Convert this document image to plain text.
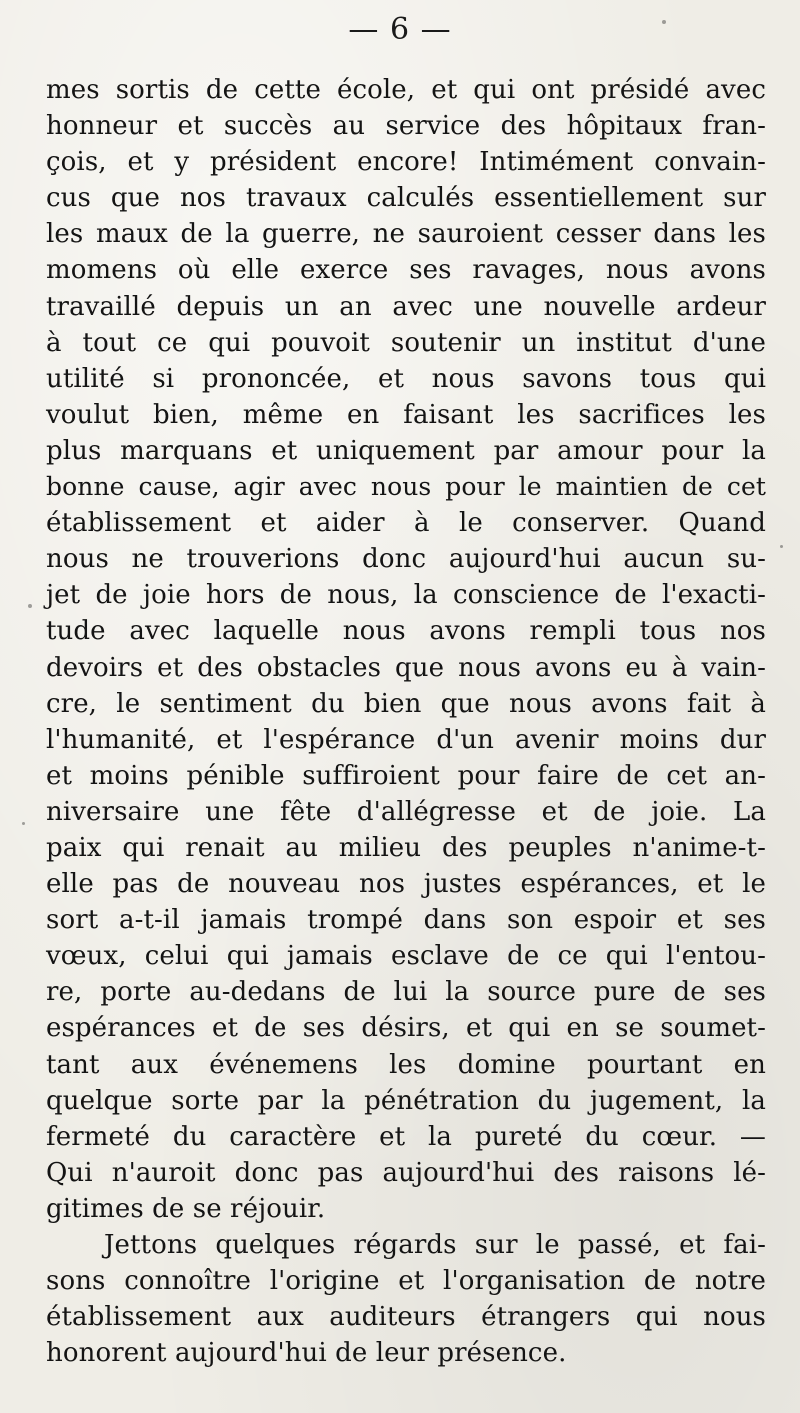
— 6 —
mes sortis de cette école, et qui ont présidé avec
honneur et succès au service des hôpitaux fran-
çois, et y président encore! Intimément convain-
cus que nos travaux calculés essentiellement sur
les maux de la guerre, ne sauroient cesser dans les
momens où elle exerce ses ravages, nous avons
travaillé depuis un an avec une nouvelle ardeur
à tout ce qui pouvoit soutenir un institut d'une
utilité si prononcée, et nous savons tous qui
voulut bien, même en faisant les sacrifices les
plus marquans et uniquement par amour pour la
bonne cause, agir avec nous pour le maintien de cet
établissement et aider à le conserver. Quand
nous ne trouverions donc aujourd'hui aucun su-
jet de joie hors de nous, la conscience de l'exacti-
tude avec laquelle nous avons rempli tous nos
devoirs et des obstacles que nous avons eu à vain-
cre, le sentiment du bien que nous avons fait à
l'humanité, et l'espérance d'un avenir moins dur
et moins pénible suffiroient pour faire de cet an-
niversaire une fête d'allégresse et de joie. La
paix qui renait au milieu des peuples n'anime-t-
elle pas de nouveau nos justes espérances, et le
sort a-t-il jamais trompé dans son espoir et ses
vœux, celui qui jamais esclave de ce qui l'entou-
re, porte au-dedans de lui la source pure de ses
espérances et de ses désirs, et qui en se soumet-
tant aux événemens les domine pourtant en
quelque sorte par la pénétration du jugement, la
fermeté du caractère et la pureté du cœur. —
Qui n'auroit donc pas aujourd'hui des raisons lé-
gitimes de se réjouir.
Jettons quelques régards sur le passé, et fai-
sons connoître l'origine et l'organisation de notre
établissement aux auditeurs étrangers qui nous
honorent aujourd'hui de leur présence.
